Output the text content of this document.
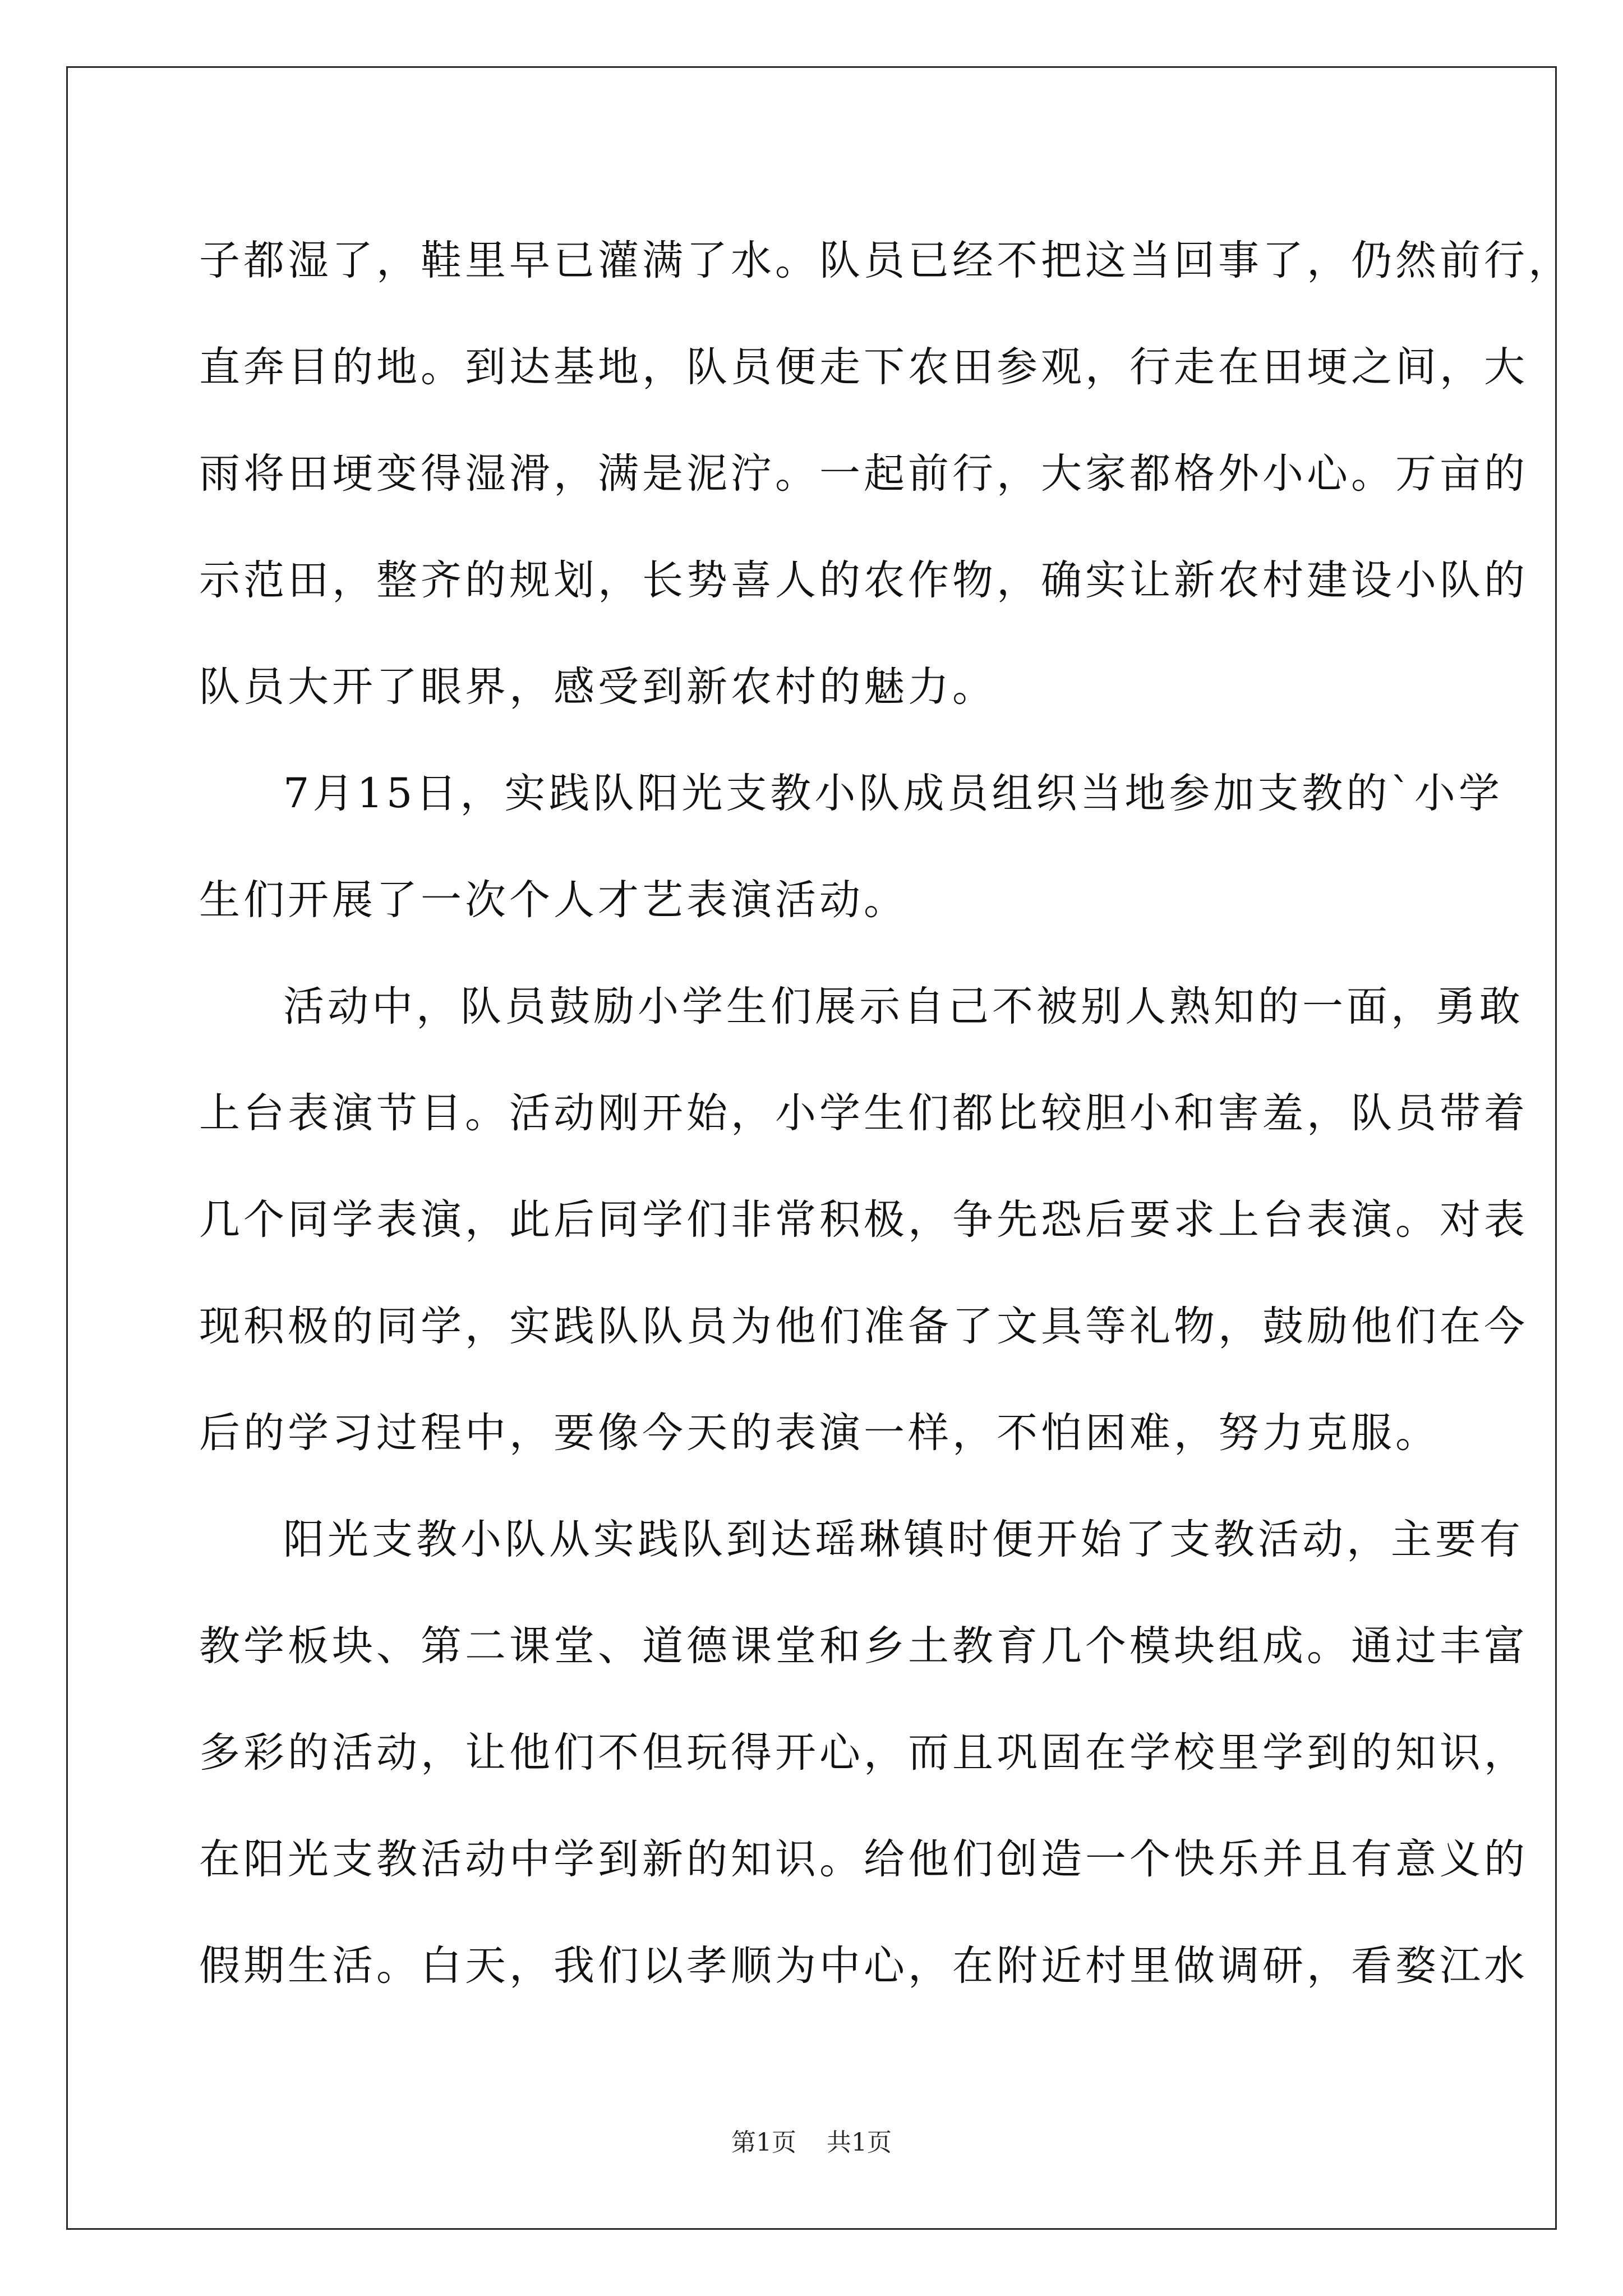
子都湿了，鞋里早已灌满了水。队员已经不把这当回事了，仍然前行，
直奔目的地。到达基地，队员便走下农田参观，行走在田埂之间，大
雨将田埂变得湿滑，满是泥泞。一起前行，大家都格外小心。万亩的
示范田，整齐的规划，长势喜人的农作物，确实让新农村建设小队的
队员大开了眼界，感受到新农村的魅力。
7月15日，实践队阳光支教小队成员组织当地参加支教的`小学
生们开展了一次个人才艺表演活动。
活动中，队员鼓励小学生们展示自己不被别人熟知的一面，勇敢
上台表演节目。活动刚开始，小学生们都比较胆小和害羞，队员带着
几个同学表演，此后同学们非常积极，争先恐后要求上台表演。对表
现积极的同学，实践队队员为他们准备了文具等礼物，鼓励他们在今
后的学习过程中，要像今天的表演一样，不怕困难，努力克服。
阳光支教小队从实践队到达瑶琳镇时便开始了支教活动，主要有
教学板块、第二课堂、道德课堂和乡土教育几个模块组成。通过丰富
多彩的活动，让他们不但玩得开心，而且巩固在学校里学到的知识，
在阳光支教活动中学到新的知识。给他们创造一个快乐并且有意义的
假期生活。白天，我们以孝顺为中心，在附近村里做调研，看婺江水
第1页 共1页
